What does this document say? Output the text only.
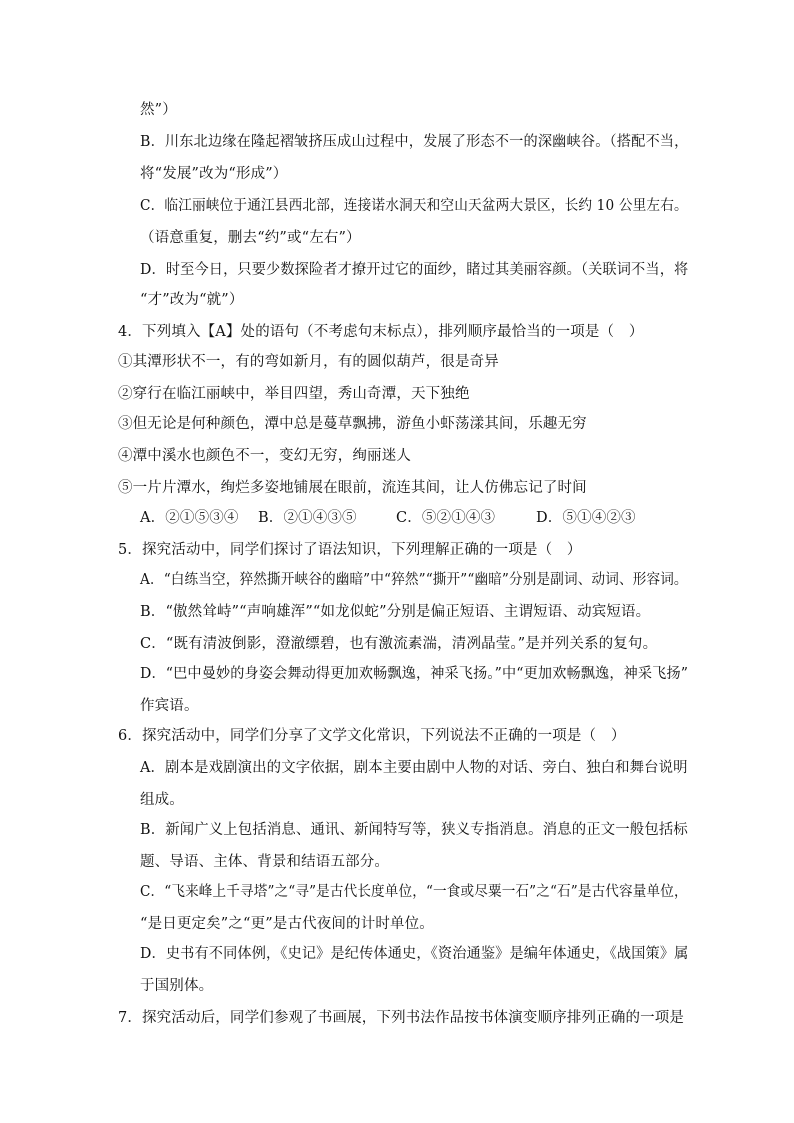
然”）
B．川东北边缘在隆起褶皱挤压成山过程中，发展了形态不一的深幽峡谷。（搭配不当，
将“发展”改为“形成”）
C．临江丽峡位于通江县西北部，连接诺水洞天和空山天盆两大景区，长约 10 公里左右。
（语意重复，删去“约”或“左右”）
D．时至今日，只要少数探险者才撩开过它的面纱，睹过其美丽容颜。（关联词不当，将
“才”改为“就”）
4．下列填入【A】处的语句（不考虑句末标点），排列顺序最恰当的一项是（　）
①其潭形状不一，有的弯如新月，有的圆似葫芦，很是奇异
②穿行在临江丽峡中，举目四望，秀山奇潭，天下独绝
③但无论是何种颜色，潭中总是蔓草飘拂，游鱼小虾荡漾其间，乐趣无穷
④潭中溪水也颜色不一，变幻无穷，绚丽迷人
⑤一片片潭水，绚烂多姿地铺展在眼前，流连其间，让人仿佛忘记了时间
A．②①⑤③④ B．②①④③⑤	C．⑤②①④③	D．⑤①④②③
5．探究活动中，同学们探讨了语法知识，下列理解正确的一项是（　）
A．“白练当空，猝然撕开峡谷的幽暗”中“猝然”“撕开”“幽暗”分别是副词、动词、形容词。
B．“傲然耸峙”“声响雄浑”“如龙似蛇”分别是偏正短语、主谓短语、动宾短语。
C．“既有清波倒影，澄澈缥碧，也有激流素湍，清冽晶莹。”是并列关系的复句。
D．“巴中曼妙的身姿会舞动得更加欢畅飘逸，神采飞扬。”中“更加欢畅飘逸，神采飞扬”
作宾语。
6．探究活动中，同学们分享了文学文化常识，下列说法不正确的一项是（　）
A．剧本是戏剧演出的文字依据，剧本主要由剧中人物的对话、旁白、独白和舞台说明
组成。
B．新闻广义上包括消息、通讯、新闻特写等，狭义专指消息。消息的正文一般包括标
题、导语、主体、背景和结语五部分。
C．“飞来峰上千寻塔”之“寻”是古代长度单位，“一食或尽粟一石”之“石”是古代容量单位，
“是日更定矣”之“更”是古代夜间的计时单位。
D．史书有不同体例，《史记》是纪传体通史，《资治通鉴》是编年体通史，《战国策》属
于国别体。
7．探究活动后，同学们参观了书画展，下列书法作品按书体演变顺序排列正确的一项是
